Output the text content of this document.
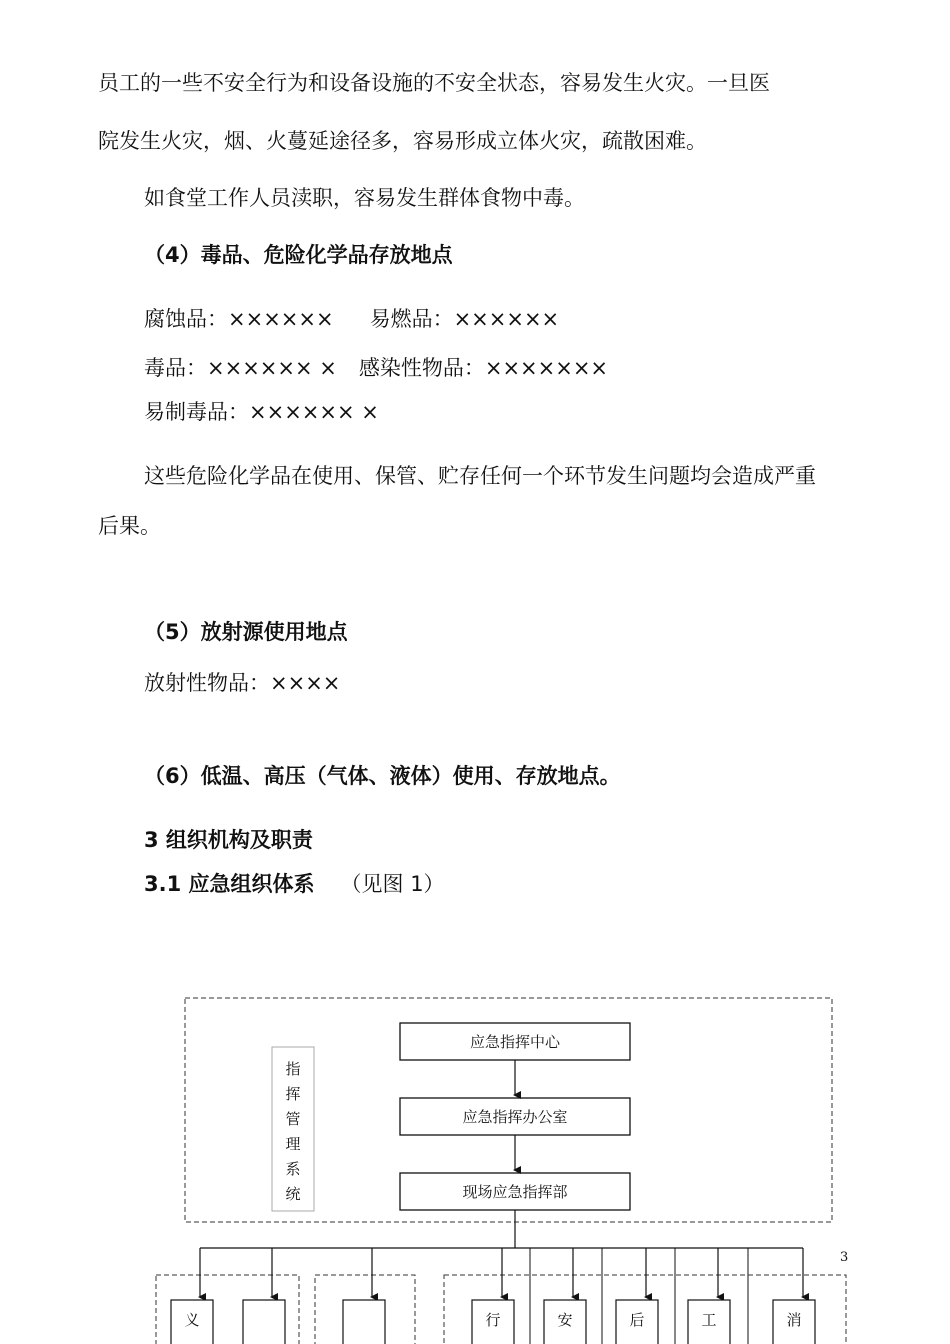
员工的一些不安全行为和设备设施的不安全状态，容易发生火灾。一旦医
院发生火灾，烟、火蔓延途径多，容易形成立体火灾，疏散困难。
如食堂工作人员渎职，容易发生群体食物中毒。
（4）毒品、危险化学品存放地点
腐蚀品：×××××× 易燃品：××××××
毒品：×××××× × 感染性物品：×××××××
易制毒品：×××××× ×
这些危险化学品在使用、保管、贮存任何一个环节发生问题均会造成严重
后果。
（5）放射源使用地点
放射性物品：××××
（6）低温、高压（气体、液体）使用、存放地点。
3 组织机构及职责
3.1 应急组织体系 （见图 1）
指
挥
管
理
系
统
应急指挥中心
应急指挥办公室
现场应急指挥部
义	行	安	后	工	消
3
